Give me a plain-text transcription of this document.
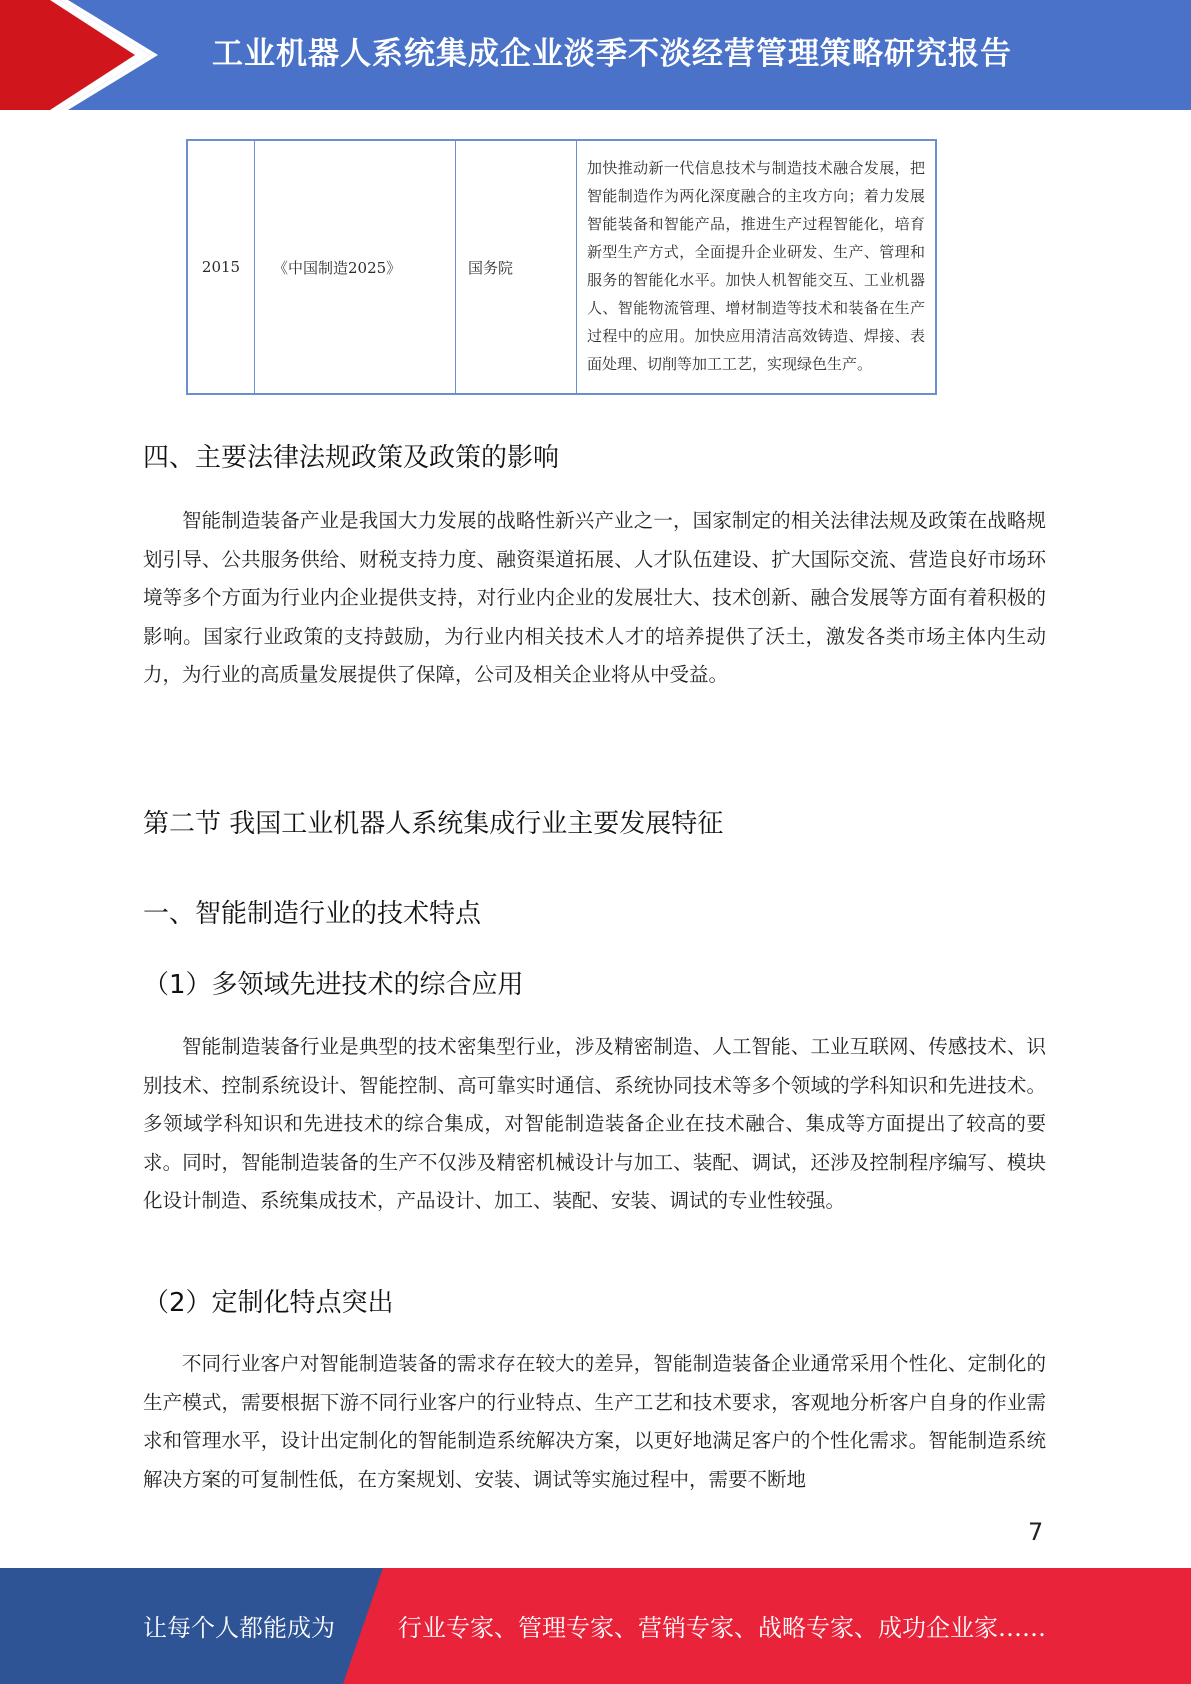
工业机器人系统集成企业淡季不淡经营管理策略研究报告
2015	《中国制造2025》	国务院	加快推动新一代信息技术与制造技术融合发展，把智能制造作为两化深度融合的主攻方向；着力发展智能装备和智能产品，推进生产过程智能化，培育新型生产方式，全面提升企业研发、生产、管理和服务的智能化水平。加快人机智能交互、工业机器人、智能物流管理、增材制造等技术和装备在生产过程中的应用。加快应用清洁高效铸造、焊接、表面处理、切削等加工工艺，实现绿色生产。
四、主要法律法规政策及政策的影响

智能制造装备产业是我国大力发展的战略性新兴产业之一，国家制定的相关法律法规及政策在战略规划引导、公共服务供给、财税支持力度、融资渠道拓展、人才队伍建设、扩大国际交流、营造良好市场环境等多个方面为行业内企业提供支持，对行业内企业的发展壮大、技术创新、融合发展等方面有着积极的影响。国家行业政策的支持鼓励，为行业内相关技术人才的培养提供了沃土，激发各类市场主体内生动力，为行业的高质量发展提供了保障，公司及相关企业将从中受益。

第二节 我国工业机器人系统集成行业主要发展特征
一、智能制造行业的技术特点
（1）多领域先进技术的综合应用

智能制造装备行业是典型的技术密集型行业，涉及精密制造、人工智能、工业互联网、传感技术、识别技术、控制系统设计、智能控制、高可靠实时通信、系统协同技术等多个领域的学科知识和先进技术。多领域学科知识和先进技术的综合集成，对智能制造装备企业在技术融合、集成等方面提出了较高的要求。同时，智能制造装备的生产不仅涉及精密机械设计与加工、装配、调试，还涉及控制程序编写、模块化设计制造、系统集成技术，产品设计、加工、装配、安装、调试的专业性较强。

（2）定制化特点突出

不同行业客户对智能制造装备的需求存在较大的差异，智能制造装备企业通常采用个性化、定制化的生产模式，需要根据下游不同行业客户的行业特点、生产工艺和技术要求，客观地分析客户自身的作业需求和管理水平，设计出定制化的智能制造系统解决方案，以更好地满足客户的个性化需求。智能制造系统解决方案的可复制性低，在方案规划、安装、调试等实施过程中，需要不断地

7
让每个人都能成为	行业专家、管理专家、营销专家、战略专家、成功企业家……
